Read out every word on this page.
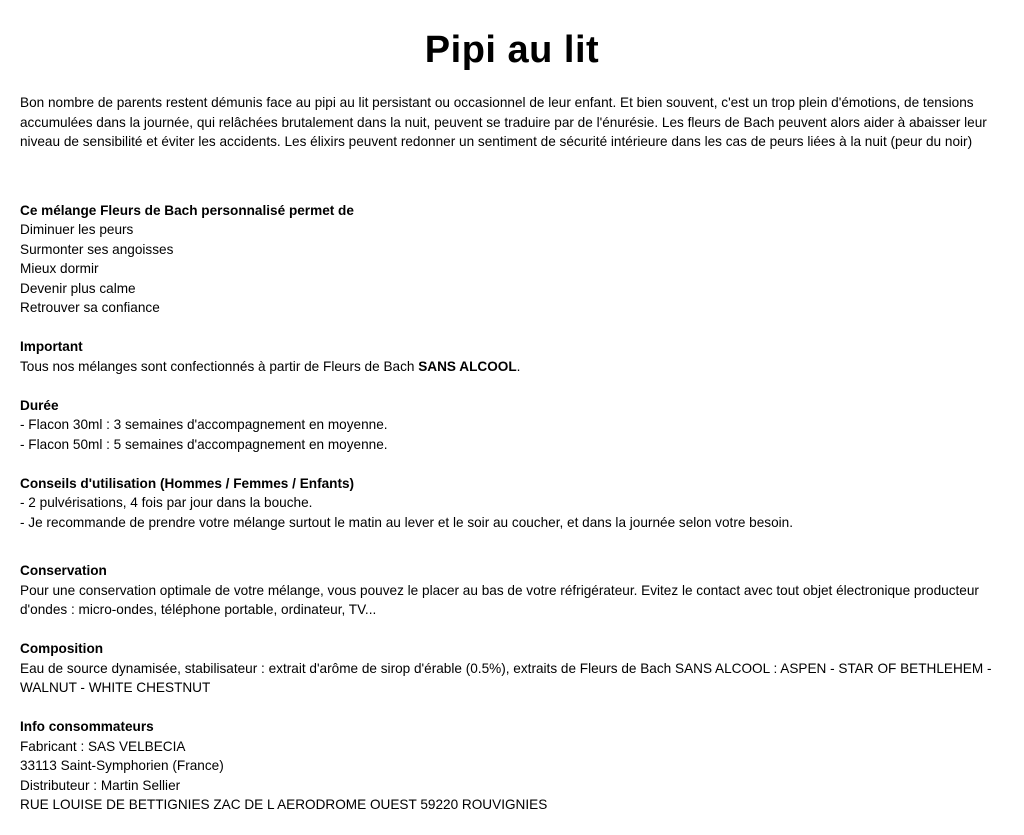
Pipi au lit

Bon nombre de parents restent démunis face au pipi au lit persistant ou occasionnel de leur enfant. Et bien souvent, c'est un trop plein d'émotions, de tensions accumulées dans la journée, qui relâchées brutalement dans la nuit, peuvent se traduire par de l'énurésie. Les fleurs de Bach peuvent alors aider à abaisser leur niveau de sensibilité et éviter les accidents. Les élixirs peuvent redonner un sentiment de sécurité intérieure dans les cas de peurs liées à la nuit (peur du noir)

Ce mélange Fleurs de Bach personnalisé permet de

Diminuer les peurs

Surmonter ses angoisses

Mieux dormir

Devenir plus calme

Retrouver sa confiance

Important

Tous nos mélanges sont confectionnés à partir de Fleurs de Bach SANS ALCOOL.

Durée

- Flacon 30ml : 3 semaines d'accompagnement en moyenne.

- Flacon 50ml : 5 semaines d'accompagnement en moyenne.

Conseils d'utilisation (Hommes / Femmes / Enfants)

- 2 pulvérisations, 4 fois par jour dans la bouche.

- Je recommande de prendre votre mélange surtout le matin au lever et le soir au coucher, et dans la journée selon votre besoin.

Conservation

Pour une conservation optimale de votre mélange, vous pouvez le placer au bas de votre réfrigérateur. Evitez le contact avec tout objet électronique producteur d'ondes : micro-ondes, téléphone portable, ordinateur, TV...

Composition

Eau de source dynamisée, stabilisateur : extrait d'arôme de sirop d'érable (0.5%), extraits de Fleurs de Bach SANS ALCOOL : ASPEN - STAR OF BETHLEHEM - WALNUT - WHITE CHESTNUT

Info consommateurs

Fabricant : SAS VELBECIA

33113 Saint-Symphorien (France)

Distributeur : Martin Sellier

RUE LOUISE DE BETTIGNIES ZAC DE L AERODROME OUEST 59220 ROUVIGNIES
